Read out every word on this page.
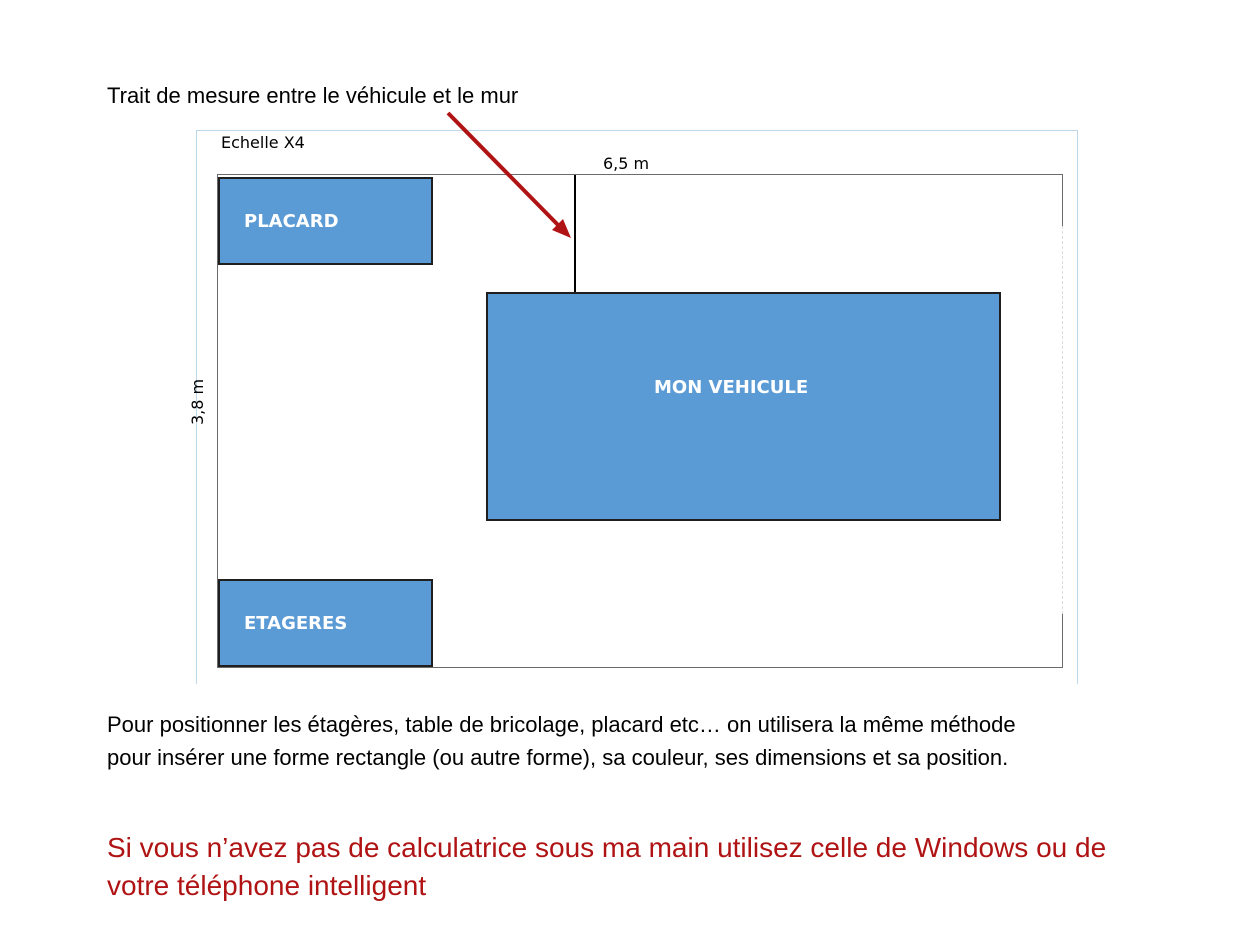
Trait de mesure entre le véhicule et le mur
Echelle X4
6,5 m
3,8 m
PLACARD
ETAGERES
MON VEHICULE
Pour positionner les étagères, table de bricolage, placard etc… on utilisera la même méthode
pour insérer une forme rectangle (ou autre forme), sa couleur, ses dimensions et sa position.
Si vous n’avez pas de calculatrice sous ma main utilisez celle de Windows ou de
votre téléphone intelligent
